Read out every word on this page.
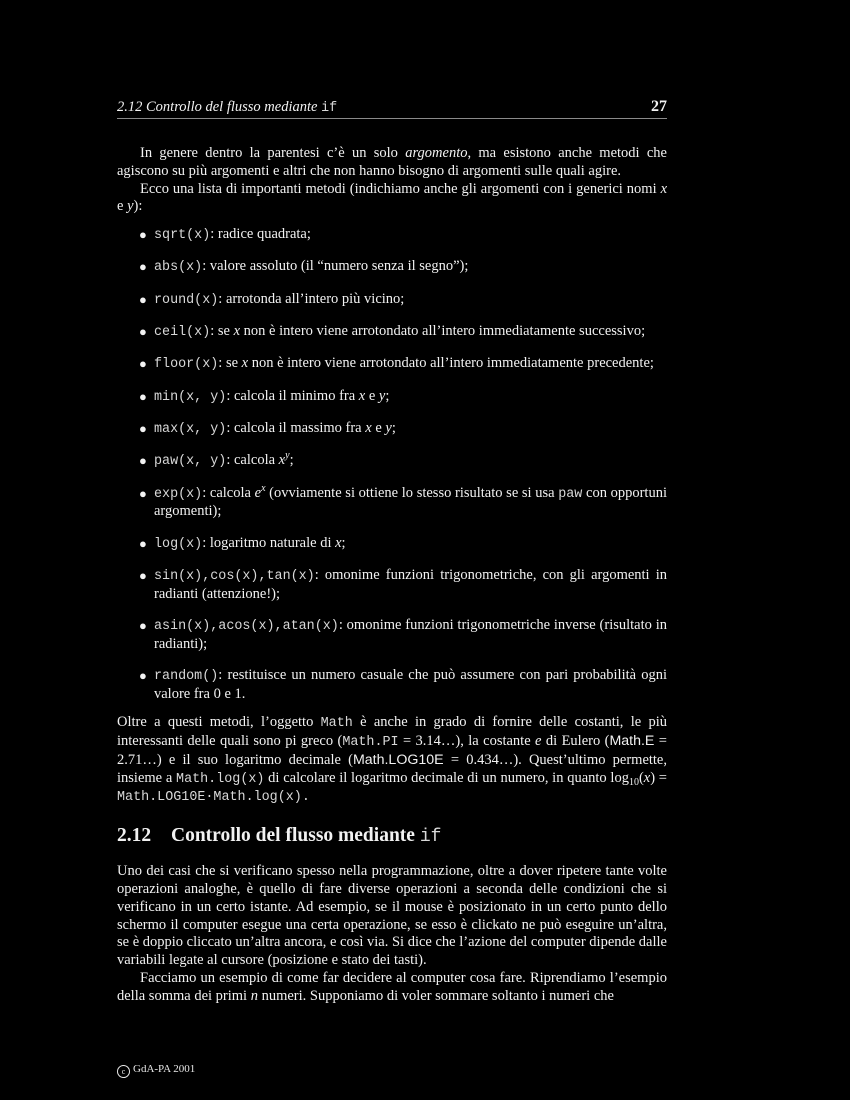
2.12 Controllo del flusso mediante if	27

In genere dentro la parentesi c’è un solo argomento, ma esistono anche metodi che agiscono su più argomenti e altri che non hanno bisogno di argomenti sulle quali agire.

Ecco una lista di importanti metodi (indichiamo anche gli argomenti con i generici nomi x e y):

● sqrt(x): radice quadrata;
● abs(x): valore assoluto (il “numero senza il segno”);
● round(x): arrotonda all’intero più vicino;
● ceil(x): se x non è intero viene arrotondato all’intero immediatamente successivo;
● floor(x): se x non è intero viene arrotondato all’intero immediatamente precedente;
● min(x, y): calcola il minimo fra x e y;
● max(x, y): calcola il massimo fra x e y;
● paw(x, y): calcola $x^y$;
● exp(x): calcola $e^x$ (ovviamente si ottiene lo stesso risultato se si usa paw con opportuni argomenti);
● log(x): logaritmo naturale di x;
● sin(x),cos(x),tan(x): omonime funzioni trigonometriche, con gli argomenti in radianti (attenzione!);
● asin(x),acos(x),atan(x): omonime funzioni trigonometriche inverse (risultato in radianti);
● random(): restituisce un numero casuale che può assumere con pari probabilità ogni valore fra 0 e 1.

Oltre a questi metodi, l’oggetto Math è anche in grado di fornire delle costanti, le più interessanti delle quali sono pi greco (Math.PI = 3.14…), la costante e di Eulero (Math.E = 2.71…) e il suo logaritmo decimale (Math.LOG10E = 0.434…). Quest’ultimo permette, insieme a Math.log(x) di calcolare il logaritmo decimale di un numero, in quanto $\log_{10}(x)$ = Math.LOG10E·Math.log(x).

2.12 Controllo del flusso mediante if

Uno dei casi che si verificano spesso nella programmazione, oltre a dover ripetere tante volte operazioni analoghe, è quello di fare diverse operazioni a seconda delle condizioni che si verificano in un certo istante. Ad esempio, se il mouse è posizionato in un certo punto dello schermo il computer esegue una certa operazione, se esso è clickato ne può eseguire un’altra, se è doppio cliccato un’altra ancora, e così via. Si dice che l’azione del computer dipende dalle variabili legate al cursore (posizione e stato dei tasti).

Facciamo un esempio di come far decidere al computer cosa fare. Riprendiamo l’esempio della somma dei primi n numeri. Supponiamo di voler sommare soltanto i numeri che

c GdA-PA 2001
